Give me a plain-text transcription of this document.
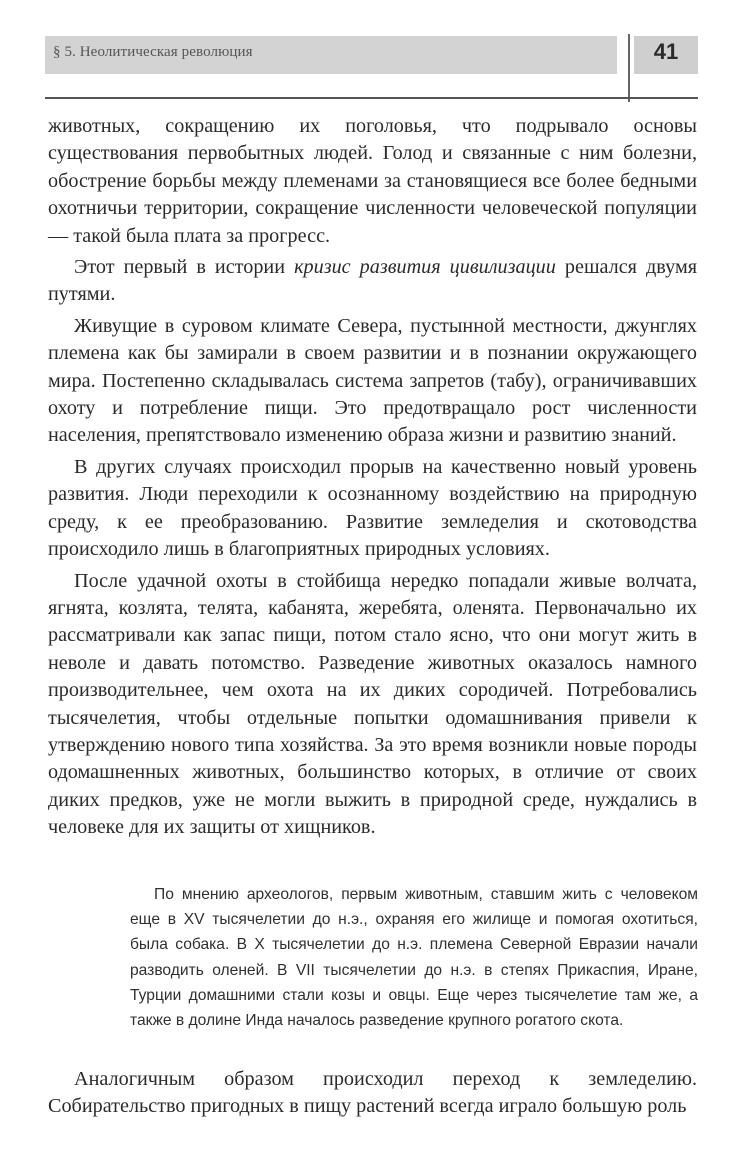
§ 5. Неолитическая революция	41

животных, сокращению их поголовья, что подрывало основы существования первобытных людей. Голод и связанные с ним болезни, обострение борьбы между племенами за становящиеся все более бедными охотничьи территории, сокращение численности человеческой популяции — такой была плата за прогресс.

Этот первый в истории кризис развития цивилизации решался двумя путями.

Живущие в суровом климате Севера, пустынной местности, джунглях племена как бы замирали в своем развитии и в познании окружающего мира. Постепенно складывалась система запретов (табу), ограничивавших охоту и потребление пищи. Это предотвращало рост численности населения, препятствовало изменению образа жизни и развитию знаний.

В других случаях происходил прорыв на качественно новый уровень развития. Люди переходили к осознанному воздействию на природную среду, к ее преобразованию. Развитие земледелия и скотоводства происходило лишь в благоприятных природных условиях.

После удачной охоты в стойбища нередко попадали живые волчата, ягнята, козлята, телята, кабанята, жеребята, оленята. Первоначально их рассматривали как запас пищи, потом стало ясно, что они могут жить в неволе и давать потомство. Разведение животных оказалось намного производительнее, чем охота на их диких сородичей. Потребовались тысячелетия, чтобы отдельные попытки одомашнивания привели к утверждению нового типа хозяйства. За это время возникли новые породы одомашненных животных, большинство которых, в отличие от своих диких предков, уже не могли выжить в природной среде, нуждались в человеке для их защиты от хищников.

По мнению археологов, первым животным, ставшим жить с человеком еще в XV тысячелетии до н.э., охраняя его жилище и помогая охотиться, была собака. В X тысячелетии до н.э. племена Северной Евразии начали разводить оленей. В VII тысячелетии до н.э. в степях Прикаспия, Иране, Турции домашними стали козы и овцы. Еще через тысячелетие там же, а также в долине Инда началось разведение крупного рогатого скота.

Аналогичным образом происходил переход к земледелию. Собирательство пригодных в пищу растений всегда играло большую роль
